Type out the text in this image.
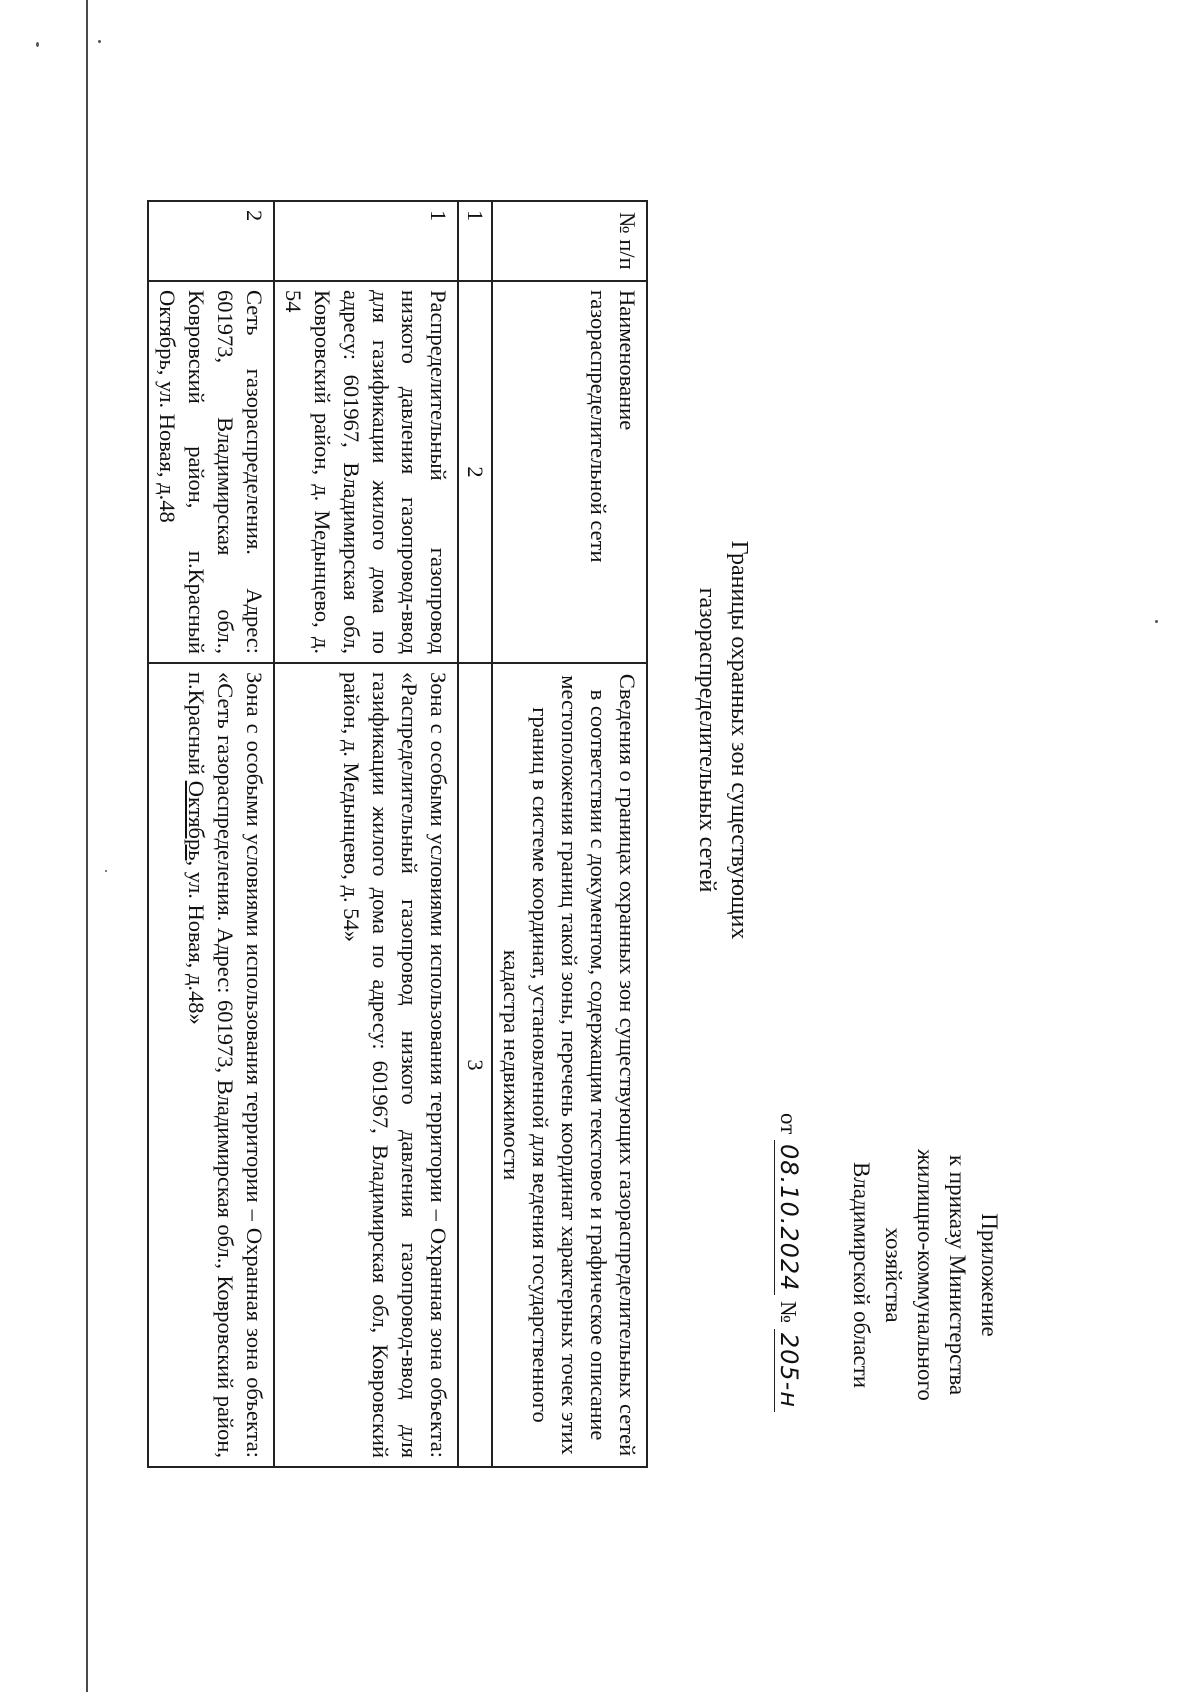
Приложение
к приказу Министерства
жилищно-коммунального хозяйства
Владимирской области
от 08.10.2024 № 205-н
Границы охранных зон существующих
газораспределительных сетей
№ п/п	Наименование газораспределительной сети	Сведения о границах охранных зон существующих газораспределительных сетей в соответствии с документом, содержащим текстовое и графическое описание местоположения границ такой зоны, перечень координат характерных точек этих границ в системе координат, установленной для ведения государственного кадастра недвижимости
1	2	3
1	Распределительный газопровод низкого давления газопровод-ввод для газификации жилого дома по адресу: 601967, Владимирская обл, Ковровский район, д. Медынцево, д. 54	Зона с особыми условиями использования территории – Охранная зона объекта: «Распределительный газопровод низкого давления газопровод-ввод для газификации жилого дома по адресу: 601967, Владимирская обл, Ковровский район, д. Медынцево, д. 54»
2	Сеть газораспределения. Адрес: 601973, Владимирская обл., Ковровский район, п.Красный Октябрь, ул. Новая, д.48	Зона с особыми условиями использования территории – Охранная зона объекта: «Сеть газораспределения. Адрес: 601973, Владимирская обл., Ковровский район, п.Красный Октябрь, ул. Новая, д.48»
